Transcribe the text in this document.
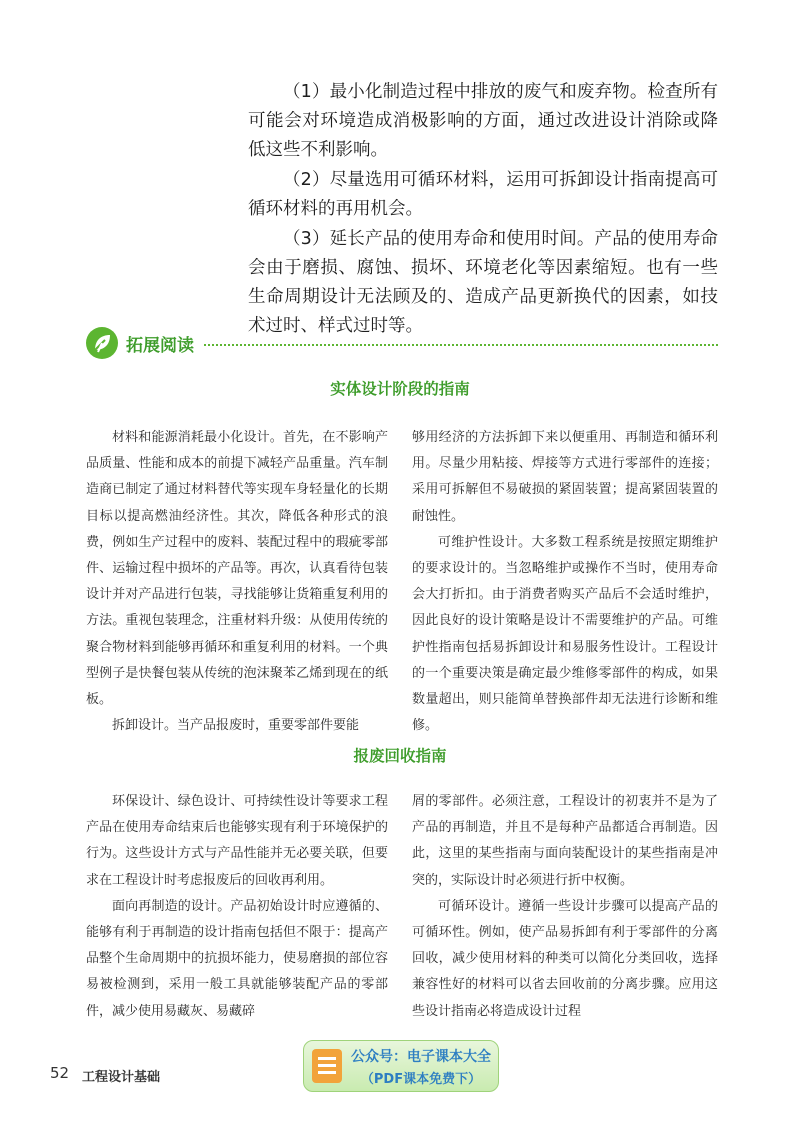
（1）最小化制造过程中排放的废气和废弃物。检查所有可能会对环境造成消极影响的方面，通过改进设计消除或降低这些不利影响。

（2）尽量选用可循环材料，运用可拆卸设计指南提高可循环材料的再用机会。

（3）延长产品的使用寿命和使用时间。产品的使用寿命会由于磨损、腐蚀、损坏、环境老化等因素缩短。也有一些生命周期设计无法顾及的、造成产品更新换代的因素，如技术过时、样式过时等。

拓展阅读
实体设计阶段的指南

材料和能源消耗最小化设计。首先，在不影响产品质量、性能和成本的前提下减轻产品重量。汽车制造商已制定了通过材料替代等实现车身轻量化的长期目标以提高燃油经济性。其次，降低各种形式的浪费，例如生产过程中的废料、装配过程中的瑕疵零部件、运输过程中损坏的产品等。再次，认真看待包装设计并对产品进行包装，寻找能够让货箱重复利用的方法。重视包装理念，注重材料升级：从使用传统的聚合物材料到能够再循环和重复利用的材料。一个典型例子是快餐包装从传统的泡沫聚苯乙烯到现在的纸板。

拆卸设计。当产品报废时，重要零部件要能

够用经济的方法拆卸下来以便重用、再制造和循环利用。尽量少用粘接、焊接等方式进行零部件的连接；采用可拆解但不易破损的紧固装置；提高紧固装置的耐蚀性。

可维护性设计。大多数工程系统是按照定期维护的要求设计的。当忽略维护或操作不当时，使用寿命会大打折扣。由于消费者购买产品后不会适时维护，因此良好的设计策略是设计不需要维护的产品。可维护性指南包括易拆卸设计和易服务性设计。工程设计的一个重要决策是确定最少维修零部件的构成，如果数量超出，则只能简单替换部件却无法进行诊断和维修。

报废回收指南

环保设计、绿色设计、可持续性设计等要求工程产品在使用寿命结束后也能够实现有利于环境保护的行为。这些设计方式与产品性能并无必要关联，但要求在工程设计时考虑报废后的回收再利用。

面向再制造的设计。产品初始设计时应遵循的、能够有利于再制造的设计指南包括但不限于：提高产品整个生命周期中的抗损坏能力，使易磨损的部位容易被检测到，采用一般工具就能够装配产品的零部件，减少使用易藏灰、易藏碎

屑的零部件。必须注意，工程设计的初衷并不是为了产品的再制造，并且不是每种产品都适合再制造。因此，这里的某些指南与面向装配设计的某些指南是冲突的，实际设计时必须进行折中权衡。

可循环设计。遵循一些设计步骤可以提高产品的可循环性。例如，使产品易拆卸有利于零部件的分离回收，减少使用材料的种类可以简化分类回收，选择兼容性好的材料可以省去回收前的分离步骤。应用这些设计指南必将造成设计过程

52 工程设计基础
公众号：电子课本大全
（PDF课本免费下）
